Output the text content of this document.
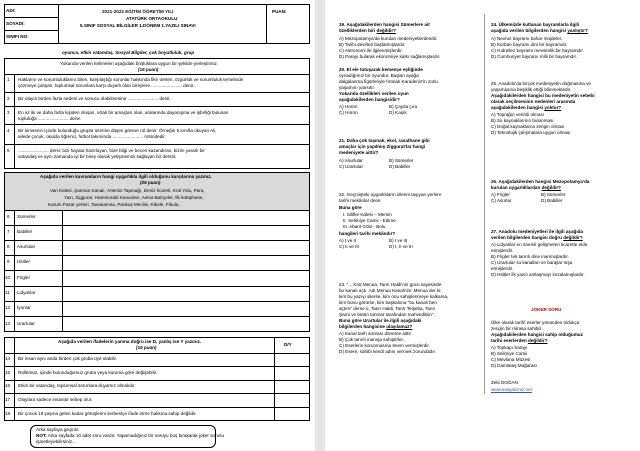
ADI:
SOYADI:
SINIFI NO:
2021-2022 EĞİTİM ÖĞRETİM YILI
ATATÜRK ORTAOKULU
5.SINIF SOSYAL BİLGİLER 1.DÖNEM 1.YAZILI SINAVI
PUAN:
oyunca, etkin vatandaş, Sosyal Bilgiler, çok boyutluluk, grup
Yukarıda verilen kelimeleri aşağıdaki boşluklara uygun bir şekilde yerleştiriniz.
(15 puan)
1 Haklarını ve sorumluluklarını bilen, karşılaştığı sorunlar hakkında fikir üreten, özgürlük ve sorumluluk temelinde
çözmeye çalışan, toplumsal sorunlara karşı duyarlı olan bireylere ........................ denir.
2 Bir olayın birden fazla nedeni ve sonucu olabilmesine ........................ denir.
3 En az iki ve daha fazla kişiden oluşan, ortak bir amaçları olan, aralarında dayanışma ve işbirliği bulunan
topluluğa ........................ denir.
4 Bir kimsenin içinde bulunduğu grupta üzerine düşen göreve rol denir. Örneğin 5.sınıfta okuyan Ali,
ailede çocuk, okulda öğrenci, futbol takımında ........................ rolündedir.
5 ........................ dersi; bizi hayata hazırlayan, bize bilgi ve beceri kazandıran, bizim yararlı bir
vatandaş ve aynı zamanda iyi bir birey olarak yetişmemizi sağlayan bir derstir.
Aşağıda verilen kavramların hangi uygarlıkla ilgili olduğunu karşılarına yazınız.
(25 puan)
Van Kalesi, Şamran Kanalı, Artemis Tapınağı, Deniz ticareti, Kral Yolu, Para,
Yazı, Ziggurat, Hammurabi Kanunları, Asma Bahçeler, İlk kütüphane,
Karum Pazar yerleri, Tavanamna, Pankuş Meclisi, Kibele, Fibula,
6 Sümerler
7 Babiller
8 Asurlular
9 Hititler
10 Frigler
11 Lidyalılar
12 İyonlar
13 Urartular
Aşağıda verilen ifadelerin yanına doğru ise D, yanlış ise Y yazınız.
(15 puan)
D/Y
14 Bir insan aynı anda birden çok gruba üye olabilir.
15 Rollümüz, içinde bulunduğumuz gruba veya kuruma göre değişebilir.
16 Etkin bir vatandaş, toplumsal sorunlara duyarsız olmalıdır.
17 Olaylara sadece insanlar sebep olur.
18 Bir çocuk 18 yaşına gelen kadar görüşlerini serbestçe ifade etme hakkına sahip değildir.
Arka sayfaya geçiniz.
NOT: Arka sayfada 10 adet soru vardır. Yapamadığınız bir soruyu boş bırakarak joker sorusu
işaretleyebilirsiniz...
19. Aşağıdakilerden hangisi Sümerlere ait
özelliklerden biri değildir?
A) Mezopotamya'da kurulan medeniyetlerdendir.
B) Tarihi devirleri başlatmışlardır.
C) Astronomi ile ilgilenmişlerdir.
D) Parayı bularak ekonomiye katkı sağlamışlardır.
20. El ele tutuşarak kemençe eşliğinde
oynadığımız bir oyundur. Başları ayağa
dalgalanma figürleriyle fırtınalı Karadeniz'in zorlu
yaşamını yansıtır.
Yukarıda özellikleri verilen oyun
aşağıdakilerden hangisidir?
A) Horon	B) Çayda çıra
C) Horon	D) Kaşık
21. Daha çok taşınak, ekol, rasathane gibi
amaçlar için yapılmış Ziggurat'lar hangi
medeniyete aittir?
A) Asurlular	B) Sümerler
C) Urartular	D) Babiller
22. Geçmişteki uygarlıkların izlerini taşıyan yerlere
tarihi mekânlar denir.
Buna göre
I. Silifke Kalesi – Mersin
II. Selimiye Camii - Edirne
III. Abant Gölü - Bolu
hangileri tarihi mekândır?
A) I ve II	B) I ve III
C) II ve III	D) I, II ve III
23. "... Kral Menua, Tanrı Haldi'nin gücü sayesinde
bu kanalı açtı. Adı Menua Kanalı'dır. Menua der ki;
kim bu yazıyı silerse, kim onu sahiplenmeye kalkarsa,
kim bunu görürse, kim başkasına "bu kanalı ben
açtım" derse o, Tanrı Haldi, Tanrı Teişeba, Tanrı
Şivini ve bütün tanrılar tarafından mahvedilsin".
Buna göre Urartular ile ilgili aşağıdaki
bilgilerden hangisine ulaşılamaz?
A) Kanal tarih sonrası döneme aittir.
B) Çok tanrılı inanışa sahiptirler.
C) Eserlerin korunmasına önem vermişlerdir.
D) Esere, sahibi kendi adını vermek zorundadır.
24. Ülkemizde kutlanan bayramlarla ilgili
aşağıda verilen bilgilerden hangisi yanlıştır?
A) Nevruz bayramı bahar müjdeler.
B) Kurban bayramı dini bir bayramdır.
C) Hıdrellez bayramı mevsimlik bir bayramdır.
D) Cumhuriyet bayramı milli bir bayramdır.
25. Anadolu'da birçok medeniyetin doğmasına ve
yaşamasına beşiklik ettiği bilinmektedir.
Aşağıdakilerden hangisi bu medeniyetin sebebi
olarak seçilmesinin nedenleri arasında
aşağıdakilerden hangisi yoktur?
A) Toprağın verimli olması
B) Su kaynaklarının bulunması
C) Doğal kaynaklarca zengin olması
D) Teknolojik çalışmalara uygun olması
26. Aşağıdakilerden hangisi Mezopotamya'da
kurulan uygarlıklardan değildir?
A) Frigler	B) Sümerler
C) Asurlar	D) Babiller
27. Anadolu medeniyetleri ile ilgili aşağıda
verilen bilgilerden hangisi doğru değildir?
A) Lidyalılar en önemli gelişmeleri ticarette elde
etmişlerdir.
B) Frigler tek tanrılı dine inanmışlardır.
C) Urartular su kanalları ve barajlar inşa
etmişlerdir.
D) Hititler ilk yazılı antlaşmayı imzalamışlardır.
JOKER SORU
Ülke olarak tarihî eserler yönünden oldukça
zengin bir mirasa sahibiz.
Aşağıdakilerden hangisi sahip olduğumuz
tarihi eserlerden değildir?
A) Topkapı Sarayı
B) Selimiye Camii
C) Mevlana Müzesi
D) Damlataş Mağarası
Zeki DOĞAN
www.sosyalciniz.net
